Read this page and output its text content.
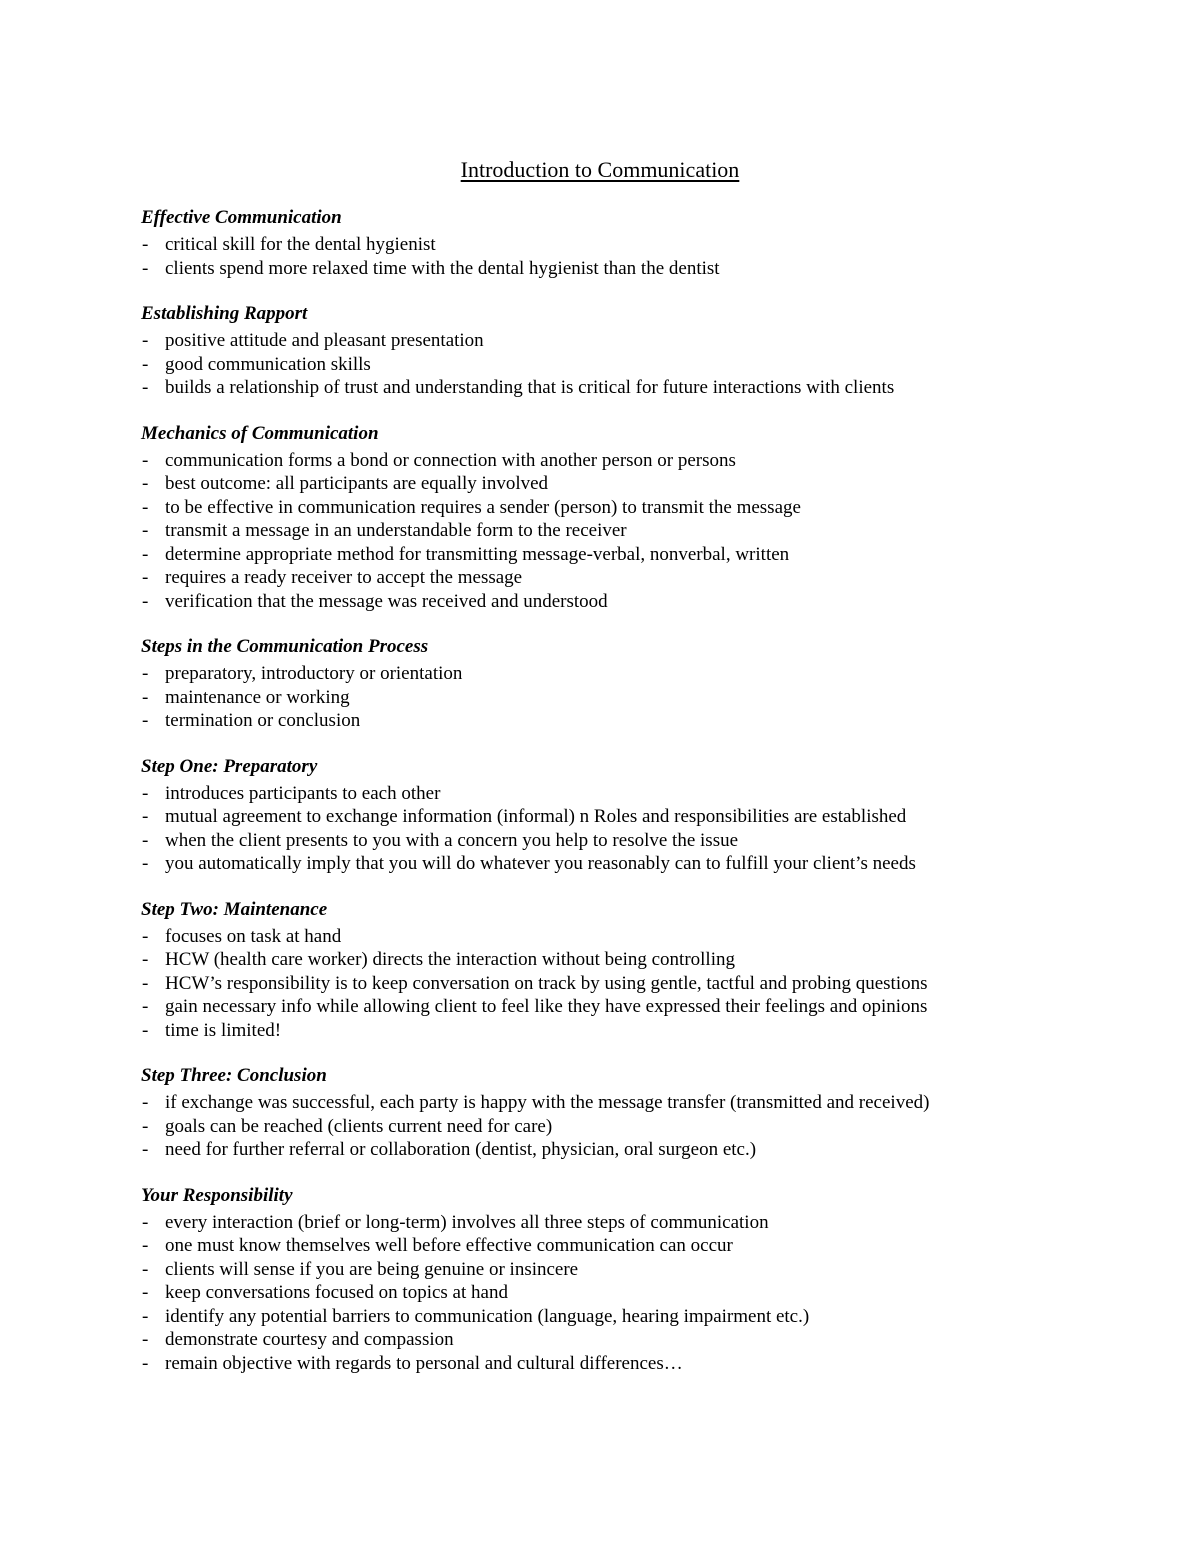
Introduction to Communication
Effective Communication
- critical skill for the dental hygienist
- clients spend more relaxed time with the dental hygienist than the dentist
Establishing Rapport
- positive attitude and pleasant presentation
- good communication skills
- builds a relationship of trust and understanding that is critical for future interactions with clients
Mechanics of Communication
- communication forms a bond or connection with another person or persons
- best outcome: all participants are equally involved
- to be effective in communication requires a sender (person) to transmit the message
- transmit a message in an understandable form to the receiver
- determine appropriate method for transmitting message-verbal, nonverbal, written
- requires a ready receiver to accept the message
- verification that the message was received and understood
Steps in the Communication Process
- preparatory, introductory or orientation
- maintenance or working
- termination or conclusion
Step One: Preparatory
- introduces participants to each other
- mutual agreement to exchange information (informal) n Roles and responsibilities are established
- when the client presents to you with a concern you help to resolve the issue
- you automatically imply that you will do whatever you reasonably can to fulfill your client’s needs
Step Two: Maintenance
- focuses on task at hand
- HCW (health care worker) directs the interaction without being controlling
- HCW’s responsibility is to keep conversation on track by using gentle, tactful and probing questions
- gain necessary info while allowing client to feel like they have expressed their feelings and opinions
- time is limited!
Step Three: Conclusion
- if exchange was successful, each party is happy with the message transfer (transmitted and received)
- goals can be reached (clients current need for care)
- need for further referral or collaboration (dentist, physician, oral surgeon etc.)
Your Responsibility
- every interaction (brief or long-term) involves all three steps of communication
- one must know themselves well before effective communication can occur
- clients will sense if you are being genuine or insincere
- keep conversations focused on topics at hand
- identify any potential barriers to communication (language, hearing impairment etc.)
- demonstrate courtesy and compassion
- remain objective with regards to personal and cultural differences…
